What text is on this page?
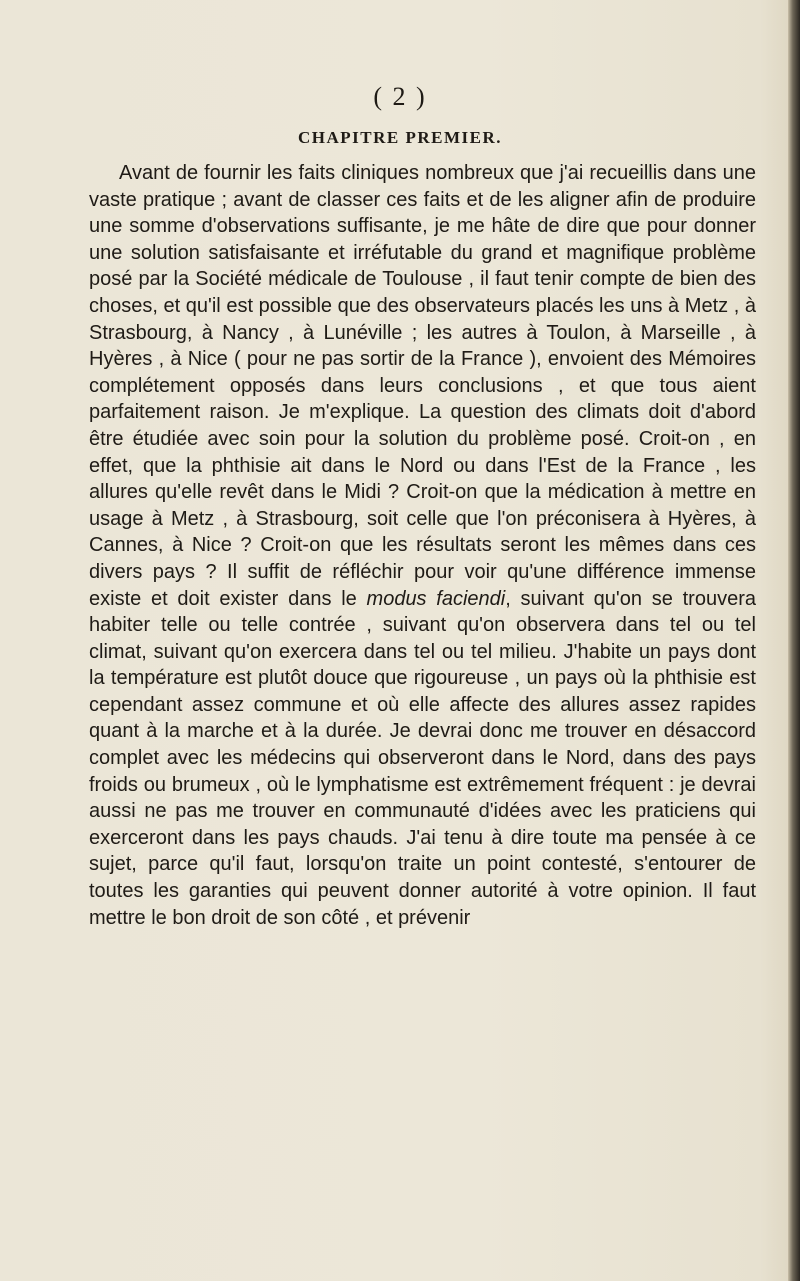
( 2 )
CHAPITRE PREMIER.

Avant de fournir les faits cliniques nombreux que j'ai recueillis dans une vaste pratique ; avant de classer ces faits et de les aligner afin de produire une somme d'observations suffisante, je me hâte de dire que pour donner une solution satisfaisante et irréfutable du grand et magnifique problème posé par la Société médicale de Toulouse , il faut tenir compte de bien des choses, et qu'il est possible que des observateurs placés les uns à Metz , à Strasbourg, à Nancy , à Lunéville ; les autres à Toulon, à Marseille , à Hyères , à Nice ( pour ne pas sortir de la France ), envoient des Mémoires complétement opposés dans leurs conclusions , et que tous aient parfaitement raison. Je m'explique. La question des climats doit d'abord être étudiée avec soin pour la solution du problème posé. Croit-on , en effet, que la phthisie ait dans le Nord ou dans l'Est de la France , les allures qu'elle revêt dans le Midi ? Croit-on que la médication à mettre en usage à Metz , à Strasbourg, soit celle que l'on préconisera à Hyères, à Cannes, à Nice ? Croit-on que les résultats seront les mêmes dans ces divers pays ? Il suffit de réfléchir pour voir qu'une différence immense existe et doit exister dans le modus faciendi, suivant qu'on se trouvera habiter telle ou telle contrée , suivant qu'on observera dans tel ou tel climat, suivant qu'on exercera dans tel ou tel milieu. J'habite un pays dont la température est plutôt douce que rigoureuse , un pays où la phthisie est cependant assez commune et où elle affecte des allures assez rapides quant à la marche et à la durée. Je devrai donc me trouver en désaccord complet avec les médecins qui observeront dans le Nord, dans des pays froids ou brumeux , où le lymphatisme est extrêmement fréquent : je devrai aussi ne pas me trouver en communauté d'idées avec les praticiens qui exerceront dans les pays chauds. J'ai tenu à dire toute ma pensée à ce sujet, parce qu'il faut, lorsqu'on traite un point contesté, s'entourer de toutes les garanties qui peuvent donner autorité à votre opinion. Il faut mettre le bon droit de son côté , et prévenir
